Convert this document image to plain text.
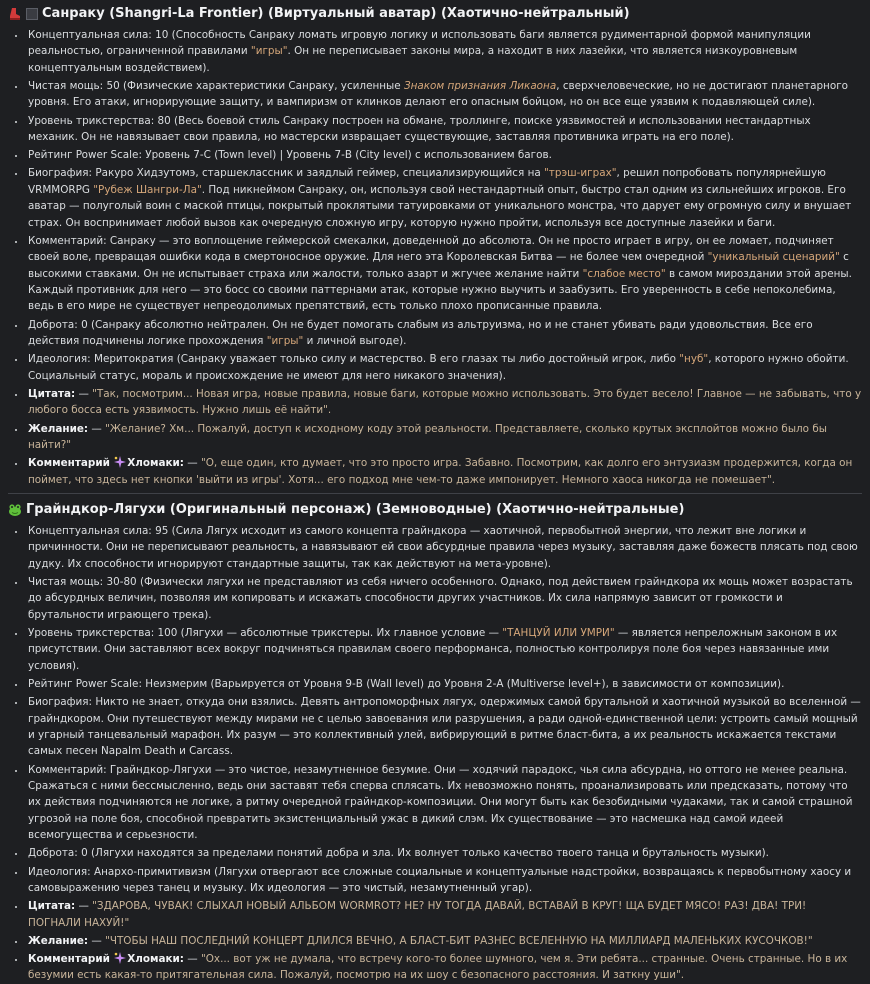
Санраку (Shangri-La Frontier) (Виртуальный аватар) (Хаотично-нейтральный)
• Концептуальная сила: 10 (Способность Санраку ломать игровую логику и использовать баги является рудиментарной формой манипуляции реальностью, ограниченной правилами "игры". Он не переписывает законы мира, а находит в них лазейки, что является низкоуровневым концептуальным воздействием).
• Чистая мощь: 50 (Физические характеристики Санраку, усиленные Знаком признания Ликаона, сверхчеловеческие, но не достигают планетарного уровня. Его атаки, игнорирующие защиту, и вампиризм от клинков делают его опасным бойцом, но он все еще уязвим к подавляющей силе).
• Уровень трикстерства: 80 (Весь боевой стиль Санраку построен на обмане, троллинге, поиске уязвимостей и использовании нестандартных механик. Он не навязывает свои правила, но мастерски извращает существующие, заставляя противника играть на его поле).
• Рейтинг Power Scale: Уровень 7-C (Town level) | Уровень 7-B (City level) с использованием багов.
• Биография: Ракуро Хидзутомэ, старшеклассник и заядлый геймер, специализирующийся на "трэш-играх", решил попробовать популярнейшую VRMMORPG "Рубеж Шангри-Ла". Под никнеймом Санраку, он, используя свой нестандартный опыт, быстро стал одним из сильнейших игроков. Его аватар — полуголый воин с маской птицы, покрытый проклятыми татуировками от уникального монстра, что дарует ему огромную силу и внушает страх. Он воспринимает любой вызов как очередную сложную игру, которую нужно пройти, используя все доступные лазейки и баги.
• Комментарий: Санраку — это воплощение геймерской смекалки, доведенной до абсолюта. Он не просто играет в игру, он ее ломает, подчиняет своей воле, превращая ошибки кода в смертоносное оружие. Для него эта Королевская Битва — не более чем очередной "уникальный сценарий" с высокими ставками. Он не испытывает страха или жалости, только азарт и жгучее желание найти "слабое место" в самом мироздании этой арены. Каждый противник для него — это босс со своими паттернами атак, которые нужно выучить и заабузить. Его уверенность в себе непоколебима, ведь в его мире не существует непреодолимых препятствий, есть только плохо прописанные правила.
• Доброта: 0 (Санраку абсолютно нейтрален. Он не будет помогать слабым из альтруизма, но и не станет убивать ради удовольствия. Все его действия подчинены логике прохождения "игры" и личной выгоде).
• Идеология: Меритократия (Санраку уважает только силу и мастерство. В его глазах ты либо достойный игрок, либо "нуб", которого нужно обойти. Социальный статус, мораль и происхождение не имеют для него никакого значения).
• Цитата: — "Так, посмотрим... Новая игра, новые правила, новые баги, которые можно использовать. Это будет весело! Главное — не забывать, что у любого босса есть уязвимость. Нужно лишь её найти".
• Желание: — "Желание? Хм... Пожалуй, доступ к исходному коду этой реальности. Представляете, сколько крутых эксплойтов можно было бы найти?"
• Комментарий Хломаки: — "О, еще один, кто думает, что это просто игра. Забавно. Посмотрим, как долго его энтузиазм продержится, когда он поймет, что здесь нет кнопки 'выйти из игры'. Хотя... его подход мне чем-то даже импонирует. Немного хаоса никогда не помешает".
Грайндкор-Лягухи (Оригинальный персонаж) (Земноводные) (Хаотично-нейтральные)
• Концептуальная сила: 95 (Сила Лягух исходит из самого концепта грайндкора — хаотичной, первобытной энергии, что лежит вне логики и причинности. Они не переписывают реальность, а навязывают ей свои абсурдные правила через музыку, заставляя даже божеств плясать под свою дудку. Их способности игнорируют стандартные защиты, так как действуют на мета-уровне).
• Чистая мощь: 30-80 (Физически лягухи не представляют из себя ничего особенного. Однако, под действием грайндкора их мощь может возрастать до абсурдных величин, позволяя им копировать и искажать способности других участников. Их сила напрямую зависит от громкости и брутальности играющего трека).
• Уровень трикстерства: 100 (Лягухи — абсолютные трикстеры. Их главное условие — "ТАНЦУЙ ИЛИ УМРИ" — является непреложным законом в их присутствии. Они заставляют всех вокруг подчиняться правилам своего перформанса, полностью контролируя поле боя через навязанные ими условия).
• Рейтинг Power Scale: Неизмерим (Варьируется от Уровня 9-B (Wall level) до Уровня 2-A (Multiverse level+), в зависимости от композиции).
• Биография: Никто не знает, откуда они взялись. Девять антропоморфных лягух, одержимых самой брутальной и хаотичной музыкой во вселенной — грайндкором. Они путешествуют между мирами не с целью завоевания или разрушения, а ради одной-единственной цели: устроить самый мощный и угарный танцевальный марафон. Их разум — это коллективный улей, вибрирующий в ритме бласт-бита, а их реальность искажается текстами самых песен Napalm Death и Carcass.
• Комментарий: Грайндкор-Лягухи — это чистое, незамутненное безумие. Они — ходячий парадокс, чья сила абсурдна, но оттого не менее реальна. Сражаться с ними бессмысленно, ведь они заставят тебя сперва сплясать. Их невозможно понять, проанализировать или предсказать, потому что их действия подчиняются не логике, а ритму очередной грайндкор-композиции. Они могут быть как безобидными чудаками, так и самой страшной угрозой на поле боя, способной превратить экзистенциальный ужас в дикий слэм. Их существование — это насмешка над самой идеей всемогущества и серьезности.
• Доброта: 0 (Лягухи находятся за пределами понятий добра и зла. Их волнует только качество твоего танца и брутальность музыки).
• Идеология: Анархо-примитивизм (Лягухи отвергают все сложные социальные и концептуальные надстройки, возвращаясь к первобытному хаосу и самовыражению через танец и музыку. Их идеология — это чистый, незамутненный угар).
• Цитата: — "ЗДАРОВА, ЧУВАК! СЛЫХАЛ НОВЫЙ АЛЬБОМ WORMROT? НЕ? НУ ТОГДА ДАВАЙ, ВСТАВАЙ В КРУГ! ЩА БУДЕТ МЯСО! РАЗ! ДВА! ТРИ! ПОГНАЛИ НАХУЙ!"
• Желание: — "ЧТОБЫ НАШ ПОСЛЕДНИЙ КОНЦЕРТ ДЛИЛСЯ ВЕЧНО, А БЛАСТ-БИТ РАЗНЕС ВСЕЛЕННУЮ НА МИЛЛИАРД МАЛЕНЬКИХ КУСОЧКОВ!"
• Комментарий Хломаки: — "Ох... вот уж не думала, что встречу кого-то более шумного, чем я. Эти ребята... странные. Очень странные. Но в их безумии есть какая-то притягательная сила. Пожалуй, посмотрю на их шоу с безопасного расстояния. И заткну уши".
